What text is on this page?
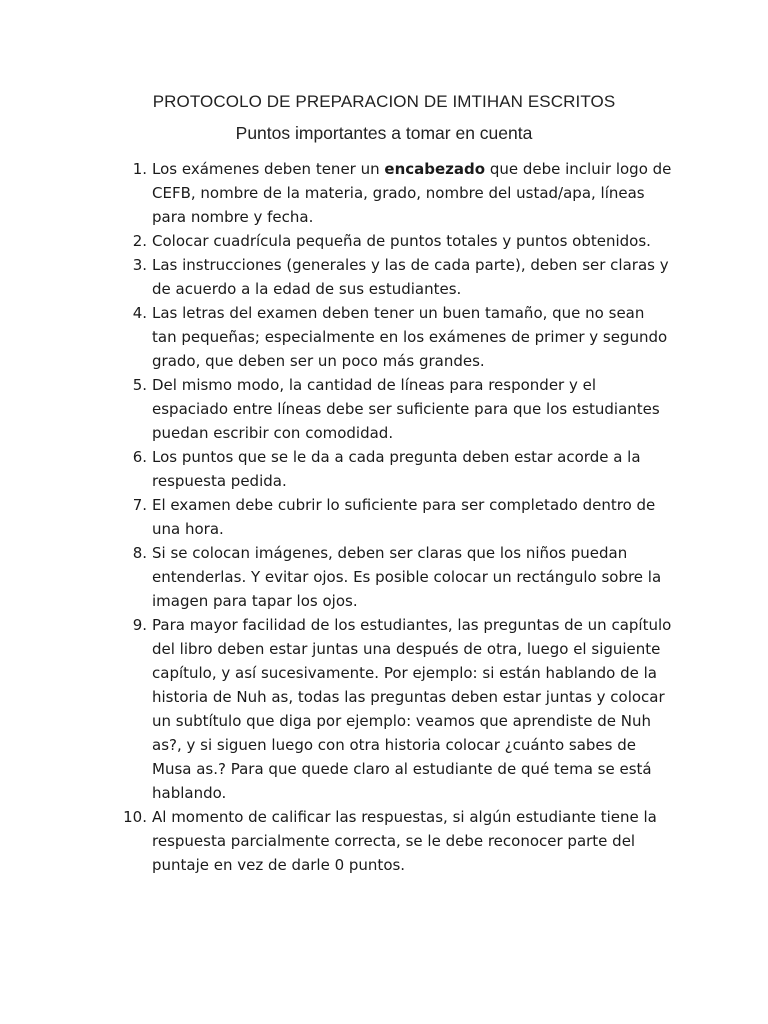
PROTOCOLO DE PREPARACION DE IMTIHAN ESCRITOS
Puntos importantes a tomar en cuenta
1. Los exámenes deben tener un encabezado que debe incluir logo de CEFB, nombre de la materia, grado, nombre del ustad/apa, líneas para nombre y fecha.
2. Colocar cuadrícula pequeña de puntos totales y puntos obtenidos.
3. Las instrucciones (generales y las de cada parte), deben ser claras y de acuerdo a la edad de sus estudiantes.
4. Las letras del examen deben tener un buen tamaño, que no sean tan pequeñas; especialmente en los exámenes de primer y segundo grado, que deben ser un poco más grandes.
5. Del mismo modo, la cantidad de líneas para responder y el espaciado entre líneas debe ser suficiente para que los estudiantes puedan escribir con comodidad.
6. Los puntos que se le da a cada pregunta deben estar acorde a la respuesta pedida.
7. El examen debe cubrir lo suficiente para ser completado dentro de una hora.
8. Si se colocan imágenes, deben ser claras que los niños puedan entenderlas. Y evitar ojos. Es posible colocar un rectángulo sobre la imagen para tapar los ojos.
9. Para mayor facilidad de los estudiantes, las preguntas de un capítulo del libro deben estar juntas una después de otra, luego el siguiente capítulo, y así sucesivamente. Por ejemplo: si están hablando de la historia de Nuh as, todas las preguntas deben estar juntas y colocar un subtítulo que diga por ejemplo: veamos que aprendiste de Nuh as?, y si siguen luego con otra historia colocar ¿cuánto sabes de Musa as.? Para que quede claro al estudiante de qué tema se está hablando.
10. Al momento de calificar las respuestas, si algún estudiante tiene la respuesta parcialmente correcta, se le debe reconocer parte del puntaje en vez de darle 0 puntos.
